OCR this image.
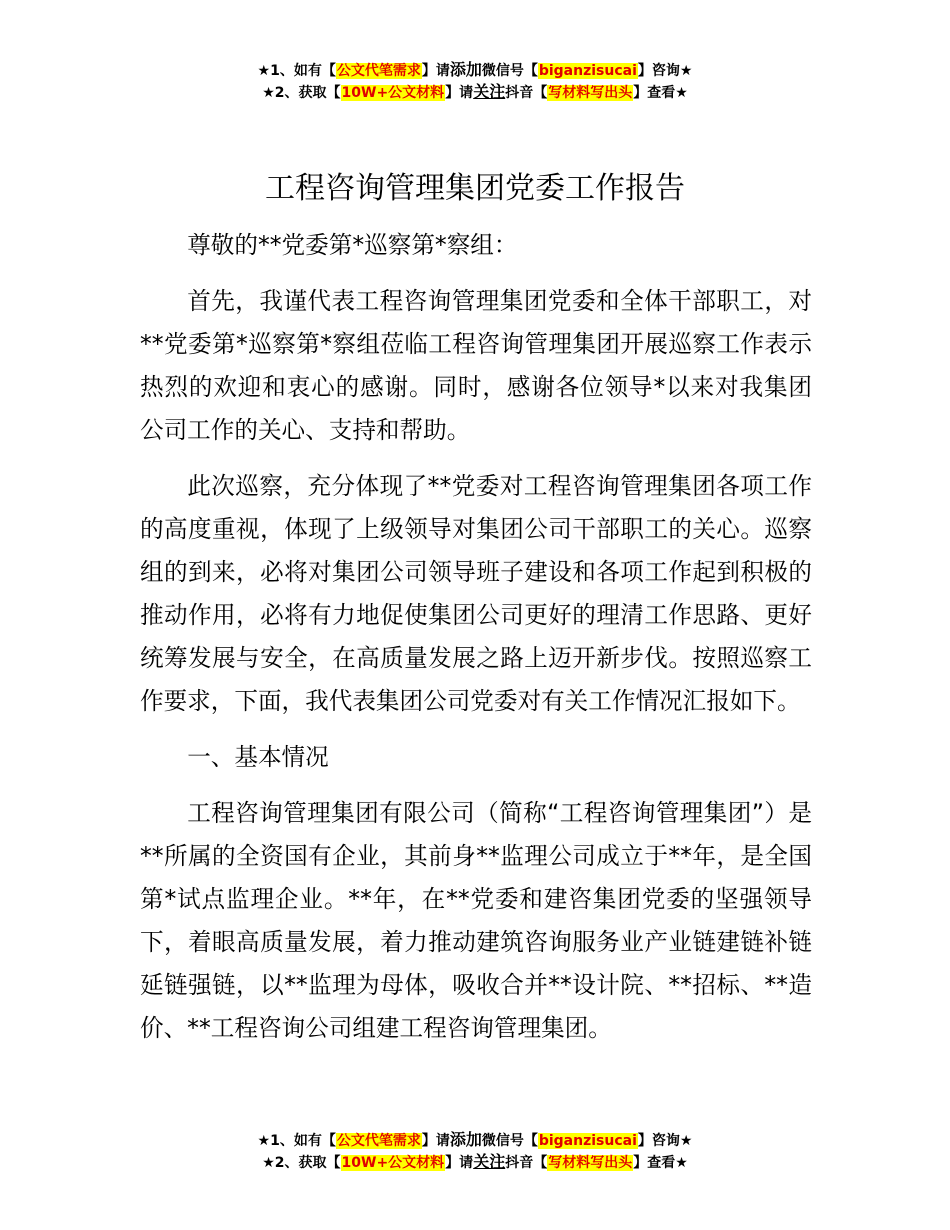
★1、如有【公文代笔需求】请添加微信号【biganzisucai】咨询★
★2、获取【10W+公文材料】请关注抖音【写材料写出头】查看★
工程咨询管理集团党委工作报告

尊敬的**党委第*巡察第*察组：

首先，我谨代表工程咨询管理集团党委和全体干部职工，对**党委第*巡察第*察组莅临工程咨询管理集团开展巡察工作表示热烈的欢迎和衷心的感谢。同时，感谢各位领导*以来对我集团公司工作的关心、支持和帮助。

此次巡察，充分体现了**党委对工程咨询管理集团各项工作的高度重视，体现了上级领导对集团公司干部职工的关心。巡察组的到来，必将对集团公司领导班子建设和各项工作起到积极的推动作用，必将有力地促使集团公司更好的理清工作思路、更好统筹发展与安全，在高质量发展之路上迈开新步伐。按照巡察工作要求，下面，我代表集团公司党委对有关工作情况汇报如下。

一、基本情况

工程咨询管理集团有限公司（简称“工程咨询管理集团”）是**所属的全资国有企业，其前身**监理公司成立于**年，是全国第*试点监理企业。**年，在**党委和建咨集团党委的坚强领导下，着眼高质量发展，着力推动建筑咨询服务业产业链建链补链延链强链，以**监理为母体，吸收合并**设计院、**招标、**造价、**工程咨询公司组建工程咨询管理集团。

★1、如有【公文代笔需求】请添加微信号【biganzisucai】咨询★
★2、获取【10W+公文材料】请关注抖音【写材料写出头】查看★
